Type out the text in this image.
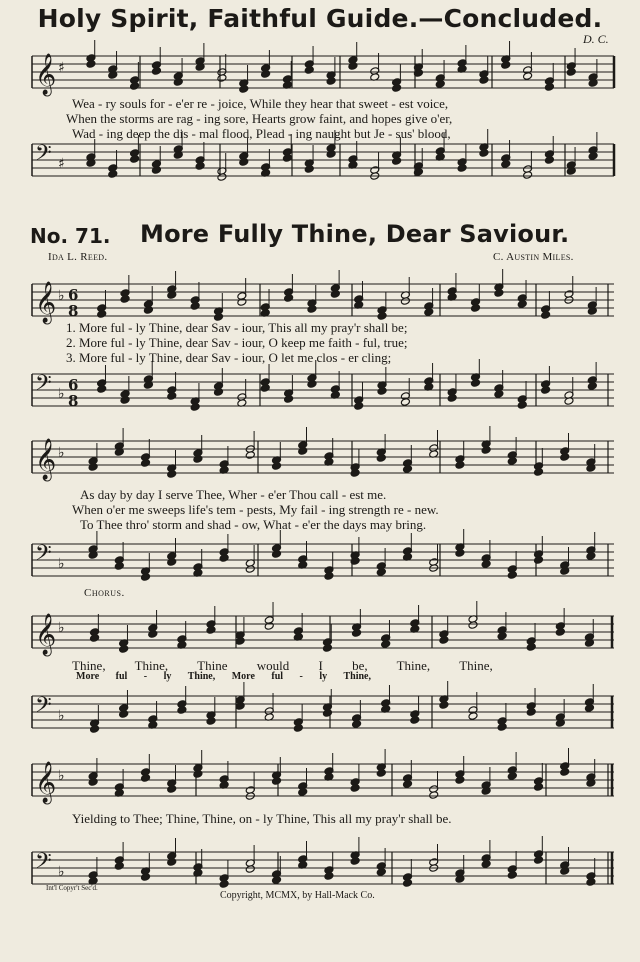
Holy Spirit, Faithful Guide.—Concluded.
D. C.
No. 71. More Fully Thine, Dear Saviour.
Ida L. Reed.	C. Austin Miles.
Chorus.
𝄞 ♯
𝄢 ♯
𝄞 ♭ 6
8
𝄢 ♭ 6
8
𝄞 ♭
𝄢 ♭
𝄞 ♭
𝄢 ♭
𝄞 ♭
𝄢 ♭
Wea - ry souls for - e'er re - joice, While they hear that sweet - est voice,
When the storms are rag - ing sore, Hearts grow faint, and hopes give o'er,
Wad - ing deep the dis - mal flood, Plead - ing naught but Je - sus' blood,
1. More ful - ly Thine, dear Sav - iour, This all my pray'r shall be;
2. More ful - ly Thine, dear Sav - iour, O keep me faith - ful, true;
3. More ful - ly Thine, dear Sav - iour, O let me clos - er cling;
As day by day I serve Thee, Wher - e'er Thou call - est me.
When o'er me sweeps life's tem - pests, My fail - ing strength re - new.
To Thee thro' storm and shad - ow, What - e'er the days may bring.
Thine, Thine, Thine would I be, Thine, Thine,
More ful - ly Thine, More ful - ly Thine,
Yielding to Thee; Thine, Thine, on - ly Thine, This all my pray'r shall be.
Int'l Copyr't Sec'd.
Copyright, MCMX, by Hall-Mack Co.
